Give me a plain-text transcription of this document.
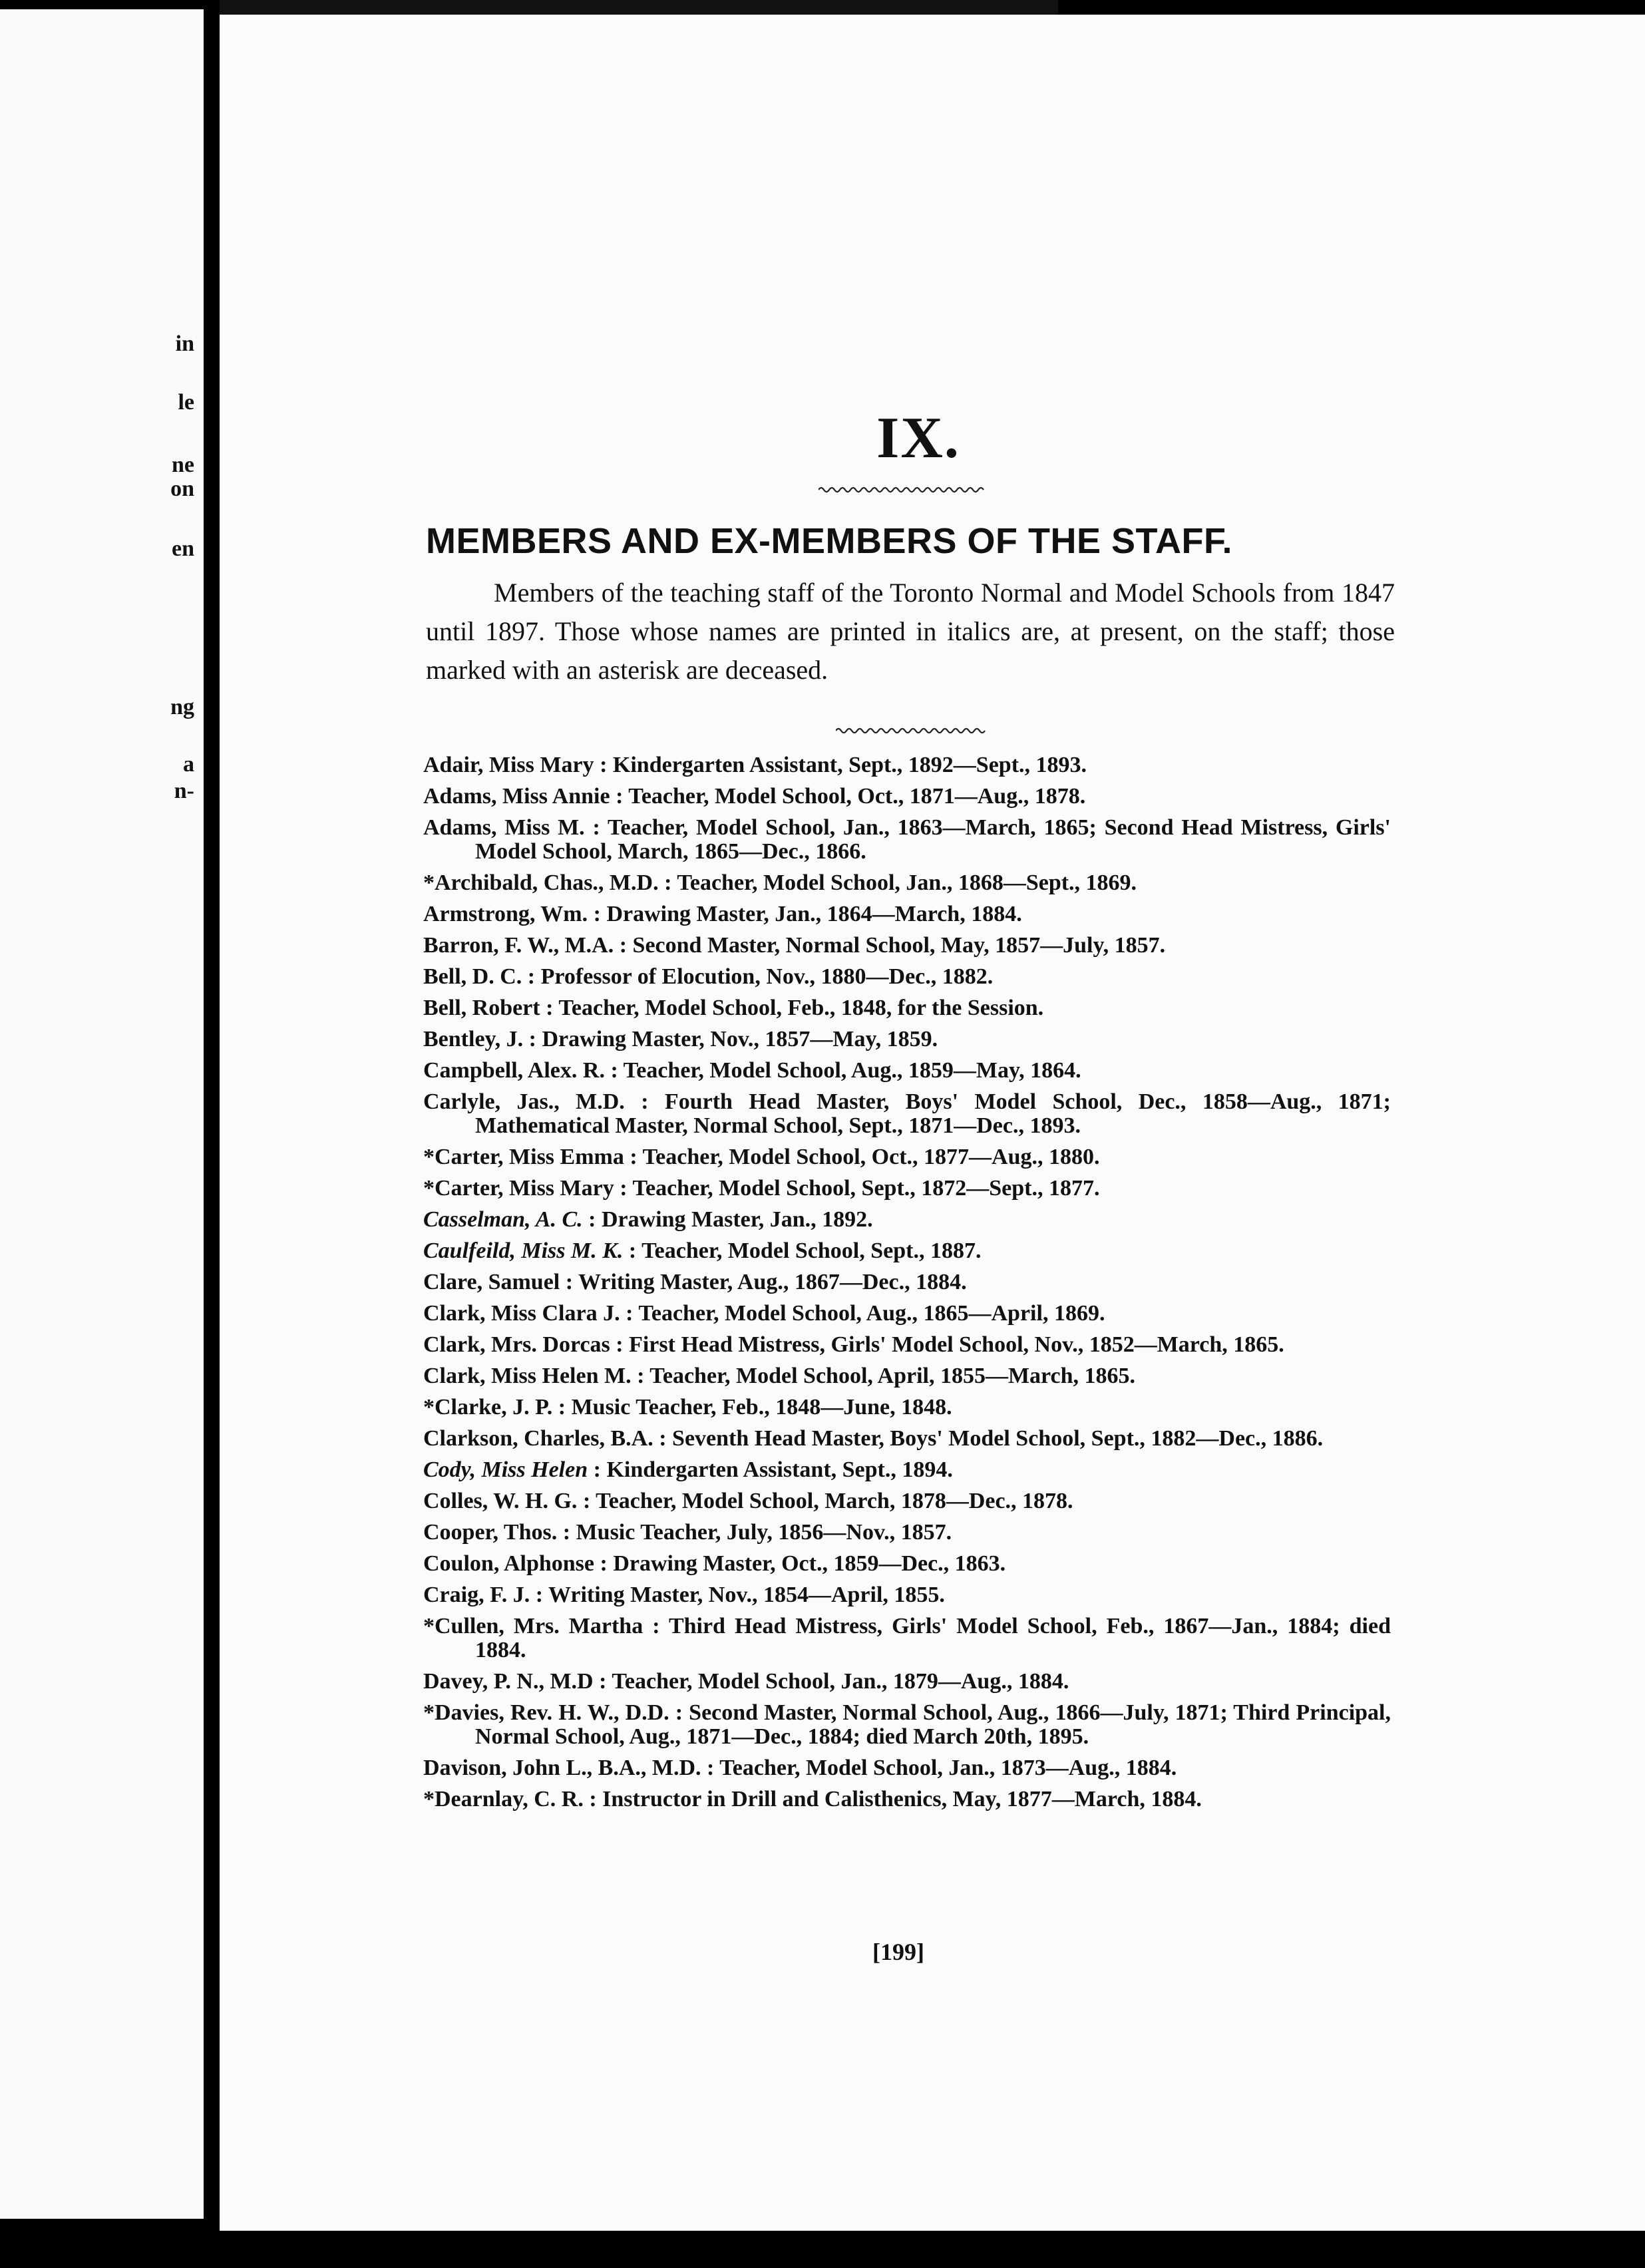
in
le
ne
on
en
ng
a
n-
IX.
MEMBERS AND EX-MEMBERS OF THE STAFF.
Members of the teaching staff of the Toronto Normal and Model Schools from 1847 until 1897. Those whose names are printed in italics are, at present, on the staff; those marked with an asterisk are deceased.

Adair, Miss Mary : Kindergarten Assistant, Sept., 1892—Sept., 1893.

Adams, Miss Annie : Teacher, Model School, Oct., 1871—Aug., 1878.

Adams, Miss M. : Teacher, Model School, Jan., 1863—March, 1865; Second Head Mistress, Girls' Model School, March, 1865—Dec., 1866.

*Archibald, Chas., M.D. : Teacher, Model School, Jan., 1868—Sept., 1869.

Armstrong, Wm. : Drawing Master, Jan., 1864—March, 1884.

Barron, F. W., M.A. : Second Master, Normal School, May, 1857—July, 1857.

Bell, D. C. : Professor of Elocution, Nov., 1880—Dec., 1882.

Bell, Robert : Teacher, Model School, Feb., 1848, for the Session.

Bentley, J. : Drawing Master, Nov., 1857—May, 1859.

Campbell, Alex. R. : Teacher, Model School, Aug., 1859—May, 1864.

Carlyle, Jas., M.D. : Fourth Head Master, Boys' Model School, Dec., 1858—Aug., 1871; Mathematical Master, Normal School, Sept., 1871—Dec., 1893.

*Carter, Miss Emma : Teacher, Model School, Oct., 1877—Aug., 1880.

*Carter, Miss Mary : Teacher, Model School, Sept., 1872—Sept., 1877.

Casselman, A. C. : Drawing Master, Jan., 1892.

Caulfeild, Miss M. K. : Teacher, Model School, Sept., 1887.

Clare, Samuel : Writing Master, Aug., 1867—Dec., 1884.

Clark, Miss Clara J. : Teacher, Model School, Aug., 1865—April, 1869.

Clark, Mrs. Dorcas : First Head Mistress, Girls' Model School, Nov., 1852—March, 1865.

Clark, Miss Helen M. : Teacher, Model School, April, 1855—March, 1865.

*Clarke, J. P. : Music Teacher, Feb., 1848—June, 1848.

Clarkson, Charles, B.A. : Seventh Head Master, Boys' Model School, Sept., 1882—Dec., 1886.

Cody, Miss Helen : Kindergarten Assistant, Sept., 1894.

Colles, W. H. G. : Teacher, Model School, March, 1878—Dec., 1878.

Cooper, Thos. : Music Teacher, July, 1856—Nov., 1857.

Coulon, Alphonse : Drawing Master, Oct., 1859—Dec., 1863.

Craig, F. J. : Writing Master, Nov., 1854—April, 1855.

*Cullen, Mrs. Martha : Third Head Mistress, Girls' Model School, Feb., 1867—Jan., 1884; died 1884.

Davey, P. N., M.D : Teacher, Model School, Jan., 1879—Aug., 1884.

*Davies, Rev. H. W., D.D. : Second Master, Normal School, Aug., 1866—July, 1871; Third Principal, Normal School, Aug., 1871—Dec., 1884; died March 20th, 1895.

Davison, John L., B.A., M.D. : Teacher, Model School, Jan., 1873—Aug., 1884.

*Dearnlay, C. R. : Instructor in Drill and Calisthenics, May, 1877—March, 1884.

[199]
